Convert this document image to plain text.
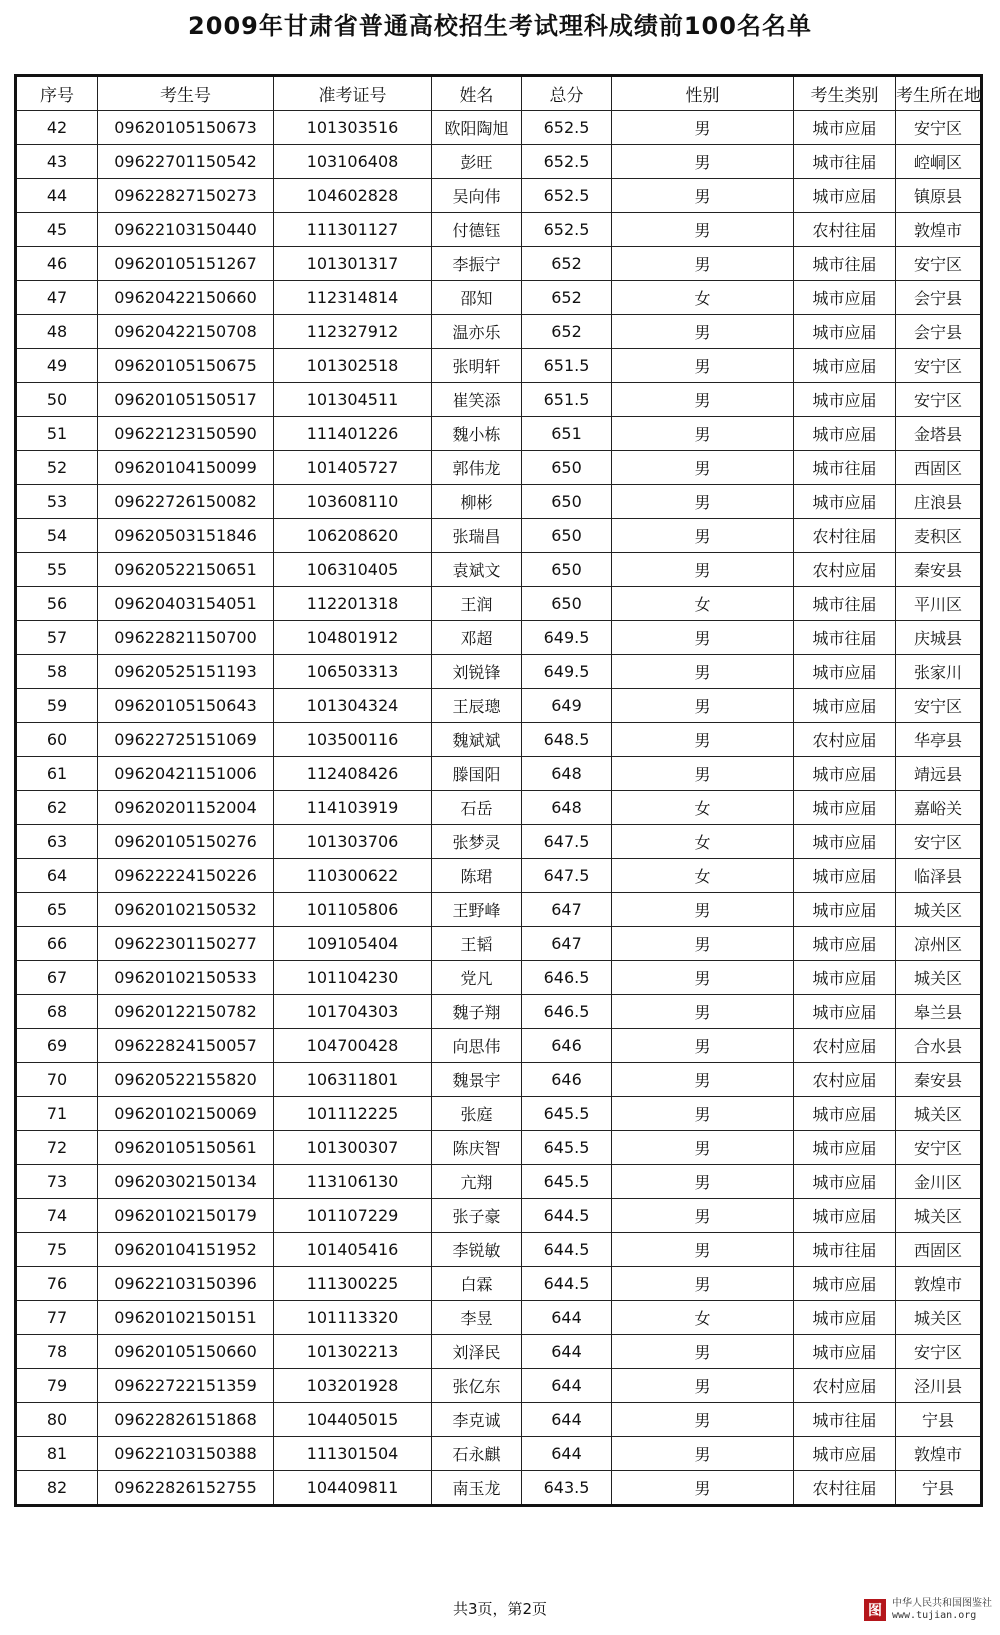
2009年甘肃省普通高校招生考试理科成绩前100名名单
序号	考生号	准考证号	姓名	总分	性别	考生类别	考生所在地
42	09620105150673	101303516	欧阳陶旭	652.5	男	城市应届	安宁区
43	09622701150542	103106408	彭旺	652.5	男	城市往届	崆峒区
44	09622827150273	104602828	吴向伟	652.5	男	城市应届	镇原县
45	09622103150440	111301127	付德钰	652.5	男	农村往届	敦煌市
46	09620105151267	101301317	李振宁	652	男	城市往届	安宁区
47	09620422150660	112314814	邵知	652	女	城市应届	会宁县
48	09620422150708	112327912	温亦乐	652	男	城市应届	会宁县
49	09620105150675	101302518	张明轩	651.5	男	城市应届	安宁区
50	09620105150517	101304511	崔笑添	651.5	男	城市应届	安宁区
51	09622123150590	111401226	魏小栋	651	男	城市应届	金塔县
52	09620104150099	101405727	郭伟龙	650	男	城市往届	西固区
53	09622726150082	103608110	柳彬	650	男	城市应届	庄浪县
54	09620503151846	106208620	张瑞昌	650	男	农村往届	麦积区
55	09620522150651	106310405	袁斌文	650	男	农村应届	秦安县
56	09620403154051	112201318	王润	650	女	城市往届	平川区
57	09622821150700	104801912	邓超	649.5	男	城市往届	庆城县
58	09620525151193	106503313	刘锐锋	649.5	男	城市应届	张家川
59	09620105150643	101304324	王辰璁	649	男	城市应届	安宁区
60	09622725151069	103500116	魏斌斌	648.5	男	农村应届	华亭县
61	09620421151006	112408426	滕国阳	648	男	城市应届	靖远县
62	09620201152004	114103919	石岳	648	女	城市应届	嘉峪关
63	09620105150276	101303706	张梦灵	647.5	女	城市应届	安宁区
64	09622224150226	110300622	陈珺	647.5	女	城市应届	临泽县
65	09620102150532	101105806	王野峰	647	男	城市应届	城关区
66	09622301150277	109105404	王韬	647	男	城市应届	凉州区
67	09620102150533	101104230	党凡	646.5	男	城市应届	城关区
68	09620122150782	101704303	魏子翔	646.5	男	城市应届	皋兰县
69	09622824150057	104700428	向思伟	646	男	农村应届	合水县
70	09620522155820	106311801	魏景宇	646	男	农村应届	秦安县
71	09620102150069	101112225	张庭	645.5	男	城市应届	城关区
72	09620105150561	101300307	陈庆智	645.5	男	城市应届	安宁区
73	09620302150134	113106130	亢翔	645.5	男	城市应届	金川区
74	09620102150179	101107229	张子豪	644.5	男	城市应届	城关区
75	09620104151952	101405416	李锐敏	644.5	男	城市往届	西固区
76	09622103150396	111300225	白霖	644.5	男	城市应届	敦煌市
77	09620102150151	101113320	李昱	644	女	城市应届	城关区
78	09620105150660	101302213	刘泽民	644	男	城市应届	安宁区
79	09622722151359	103201928	张亿东	644	男	农村应届	泾川县
80	09622826151868	104405015	李克诚	644	男	城市往届	宁县
81	09622103150388	111301504	石永麒	644	男	城市应届	敦煌市
82	09622826152755	104409811	南玉龙	643.5	男	农村往届	宁县
共3页，第2页	图	中华人民共和国图鉴社
www.tujian.org
